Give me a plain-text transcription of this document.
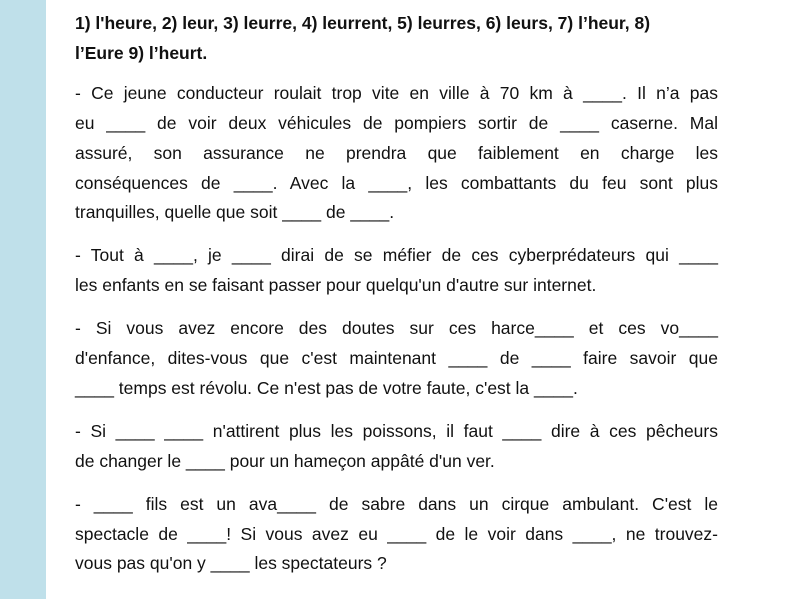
1) l'heure, 2) leur, 3) leurre, 4) leurrent, 5) leurres, 6) leurs, 7) l’heur, 8)
l’Eure 9) l’heurt.
- Ce jeune conducteur roulait trop vite en ville à 70 km à ____. Il n’a pas
eu ____ de voir deux véhicules de pompiers sortir de ____ caserne. Mal
assuré, son assurance ne prendra que faiblement en charge les
conséquences de ____. Avec la ____, les combattants du feu sont plus
tranquilles, quelle que soit ____ de ____.
- Tout à ____, je ____ dirai de se méfier de ces cyberprédateurs qui ____
les enfants en se faisant passer pour quelqu'un d'autre sur internet.
- Si vous avez encore des doutes sur ces harce____ et ces vo____
d'enfance, dites-vous que c'est maintenant ____ de ____ faire savoir que
____ temps est révolu. Ce n'est pas de votre faute, c'est la ____.
- Si ____ ____ n'attirent plus les poissons, il faut ____ dire à ces pêcheurs
de changer le ____ pour un hameçon appâté d'un ver.
- ____ fils est un ava____ de sabre dans un cirque ambulant. C'est le
spectacle de ____! Si vous avez eu ____ de le voir dans ____, ne trouvez-
vous pas qu'on y ____ les spectateurs ?
